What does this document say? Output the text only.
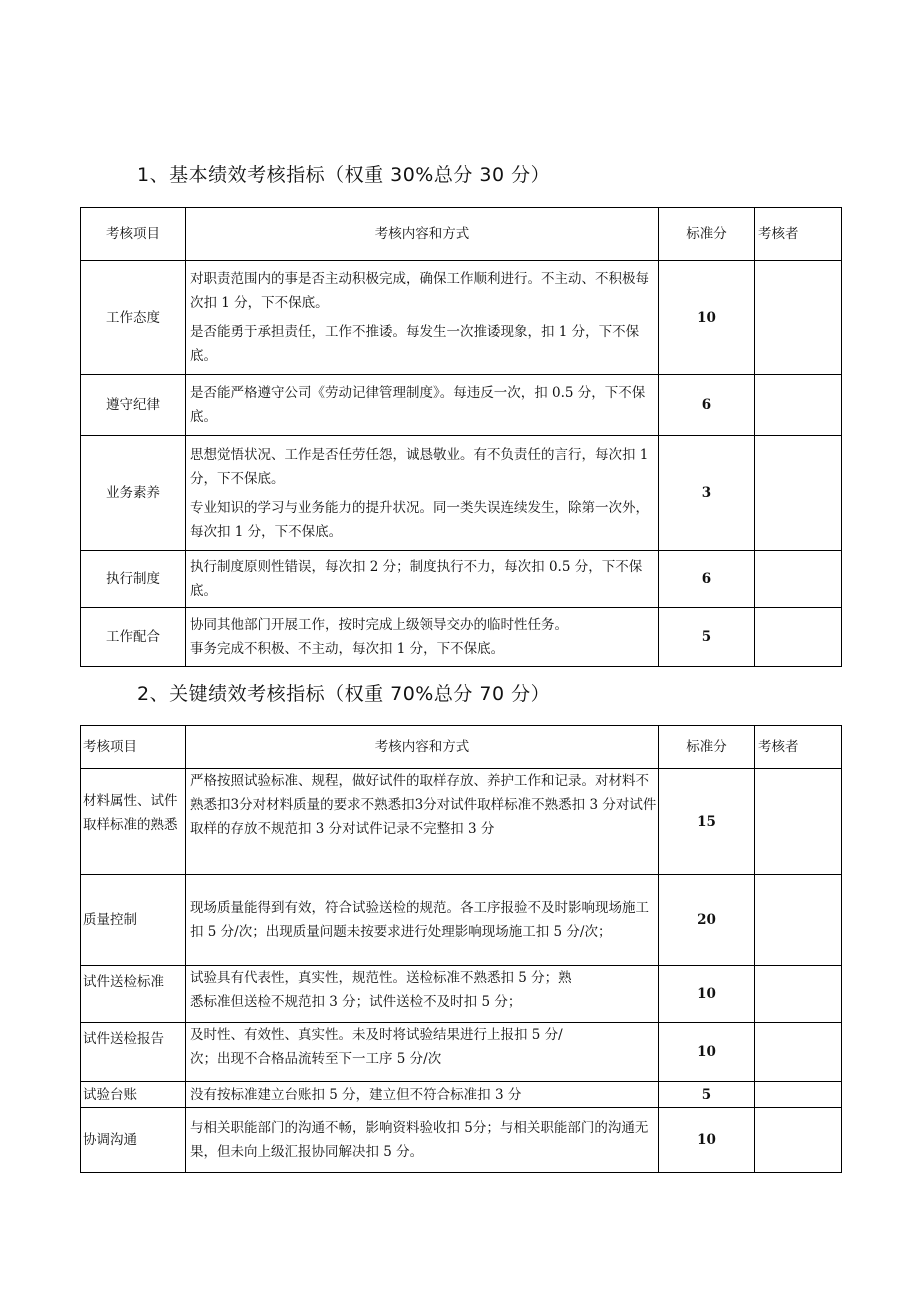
1、基本绩效考核指标（权重 30%总分 30 分）
考核项目	考核内容和方式	标准分	考核者
工作态度	对职责范围内的事是否主动积极完成，确保工作顺利进行。不主动、不积极每次扣 1 分，下不保底。

是否能勇于承担责任，工作不推诿。每发生一次推诿现象，扣 1 分，下不保底。	10	
遵守纪律	是否能严格遵守公司《劳动记律管理制度》。每违反一次，扣 0.5 分，下不保底。	6	
业务素养	思想觉悟状况、工作是否任劳任怨，诚恳敬业。有不负责任的言行，每次扣 1 分，下不保底。

专业知识的学习与业务能力的提升状况。同一类失误连续发生，除第一次外，每次扣 1 分，下不保底。	3	
执行制度	执行制度原则性错误，每次扣 2 分；制度执行不力，每次扣 0.5 分，下不保底。	6	
工作配合	协同其他部门开展工作，按时完成上级领导交办的临时性任务。
事务完成不积极、不主动，每次扣 1 分，下不保底。	5	
2、关键绩效考核指标（权重 70%总分 70 分）
考核项目	考核内容和方式	标准分	考核者
材料属性、试件取样标准的熟悉	严格按照试验标准、规程，做好试件的取样存放、养护工作和记录。对材料不熟悉扣3分对材料质量的要求不熟悉扣3分对试件取样标准不熟悉扣 3 分对试件取样的存放不规范扣 3 分对试件记录不完整扣 3 分	15	
质量控制	现场质量能得到有效，符合试验送检的规范。各工序报验不及时影响现场施工扣 5 分/次；出现质量问题未按要求进行处理影响现场施工扣 5 分/次；	20	
试件送检标准	试验具有代表性，真实性，规范性。送检标准不熟悉扣 5 分；熟
悉标准但送检不规范扣 3 分；试件送检不及时扣 5 分；	10	
试件送检报告	及时性、有效性、真实性。未及时将试验结果进行上报扣 5 分/
次；出现不合格品流转至下一工序 5 分/次	10	
试验台账	没有按标准建立台账扣 5 分，建立但不符合标准扣 3 分	5	
协调沟通	与相关职能部门的沟通不畅，影响资料验收扣 5分；与相关职能部门的沟通无果，但未向上级汇报协同解决扣 5 分。	10	
